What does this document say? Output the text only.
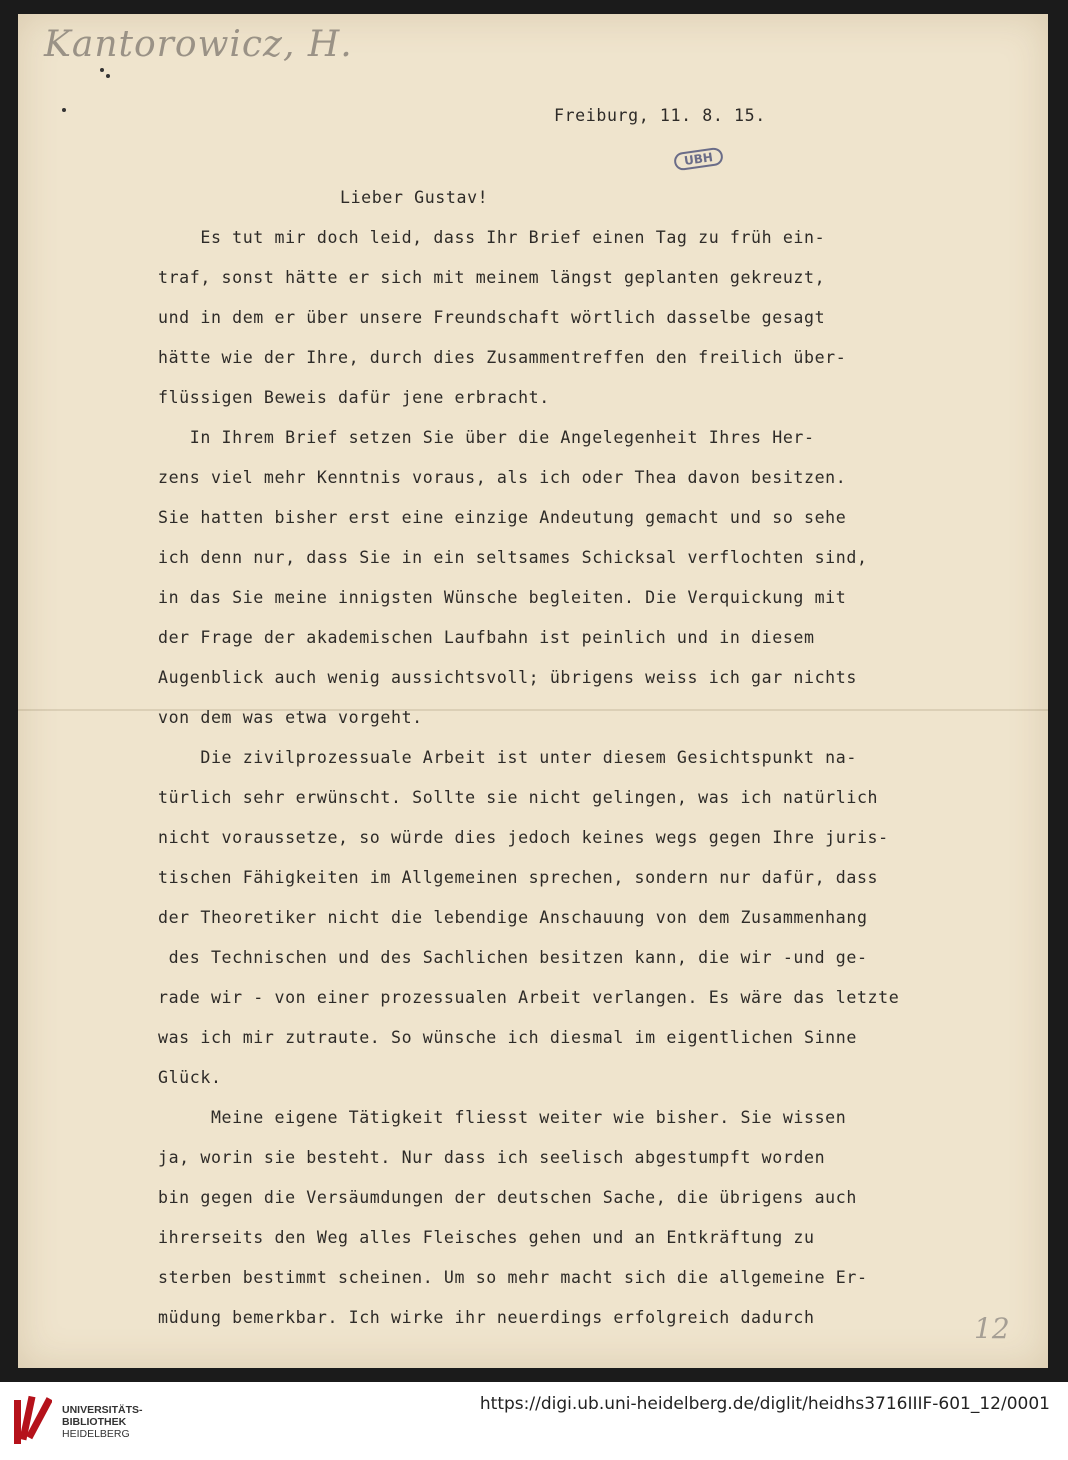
Kantorowicz, H.
Freiburg, 11. 8. 15.
UBH
Lieber Gustav!

Es tut mir doch leid, dass Ihr Brief einen Tag zu früh ein-

traf, sonst hätte er sich mit meinem längst geplanten gekreuzt,

und in dem er über unsere Freundschaft wörtlich dasselbe gesagt

hätte wie der Ihre, durch dies Zusammentreffen den freilich über-

flüssigen Beweis dafür jene erbracht.

In Ihrem Brief setzen Sie über die Angelegenheit Ihres Her-

zens viel mehr Kenntnis voraus, als ich oder Thea davon besitzen.

Sie hatten bisher erst eine einzige Andeutung gemacht und so sehe

ich denn nur, dass Sie in ein seltsames Schicksal verflochten sind,

in das Sie meine innigsten Wünsche begleiten. Die Verquickung mit

der Frage der akademischen Laufbahn ist peinlich und in diesem

Augenblick auch wenig aussichtsvoll; übrigens weiss ich gar nichts

von dem was etwa vorgeht.

Die zivilprozessuale Arbeit ist unter diesem Gesichtspunkt na-

türlich sehr erwünscht. Sollte sie nicht gelingen, was ich natürlich

nicht voraussetze, so würde dies jedoch keines wegs gegen Ihre juris-

tischen Fähigkeiten im Allgemeinen sprechen, sondern nur dafür, dass

der Theoretiker nicht die lebendige Anschauung von dem Zusammenhang

des Technischen und des Sachlichen besitzen kann, die wir -und ge-

rade wir - von einer prozessualen Arbeit verlangen. Es wäre das letzte

was ich mir zutraute. So wünsche ich diesmal im eigentlichen Sinne

Glück.

Meine eigene Tätigkeit fliesst weiter wie bisher. Sie wissen

ja, worin sie besteht. Nur dass ich seelisch abgestumpft worden

bin gegen die Versäumdungen der deutschen Sache, die übrigens auch

ihrerseits den Weg alles Fleisches gehen und an Entkräftung zu

sterben bestimmt scheinen. Um so mehr macht sich die allgemeine Er-

müdung bemerkbar. Ich wirke ihr neuerdings erfolgreich dadurch

	12
UNIVERSITÄTS-
BIBLIOTHEK
HEIDELBERG
https://digi.ub.uni-heidelberg.de/diglit/heidhs3716IIIF-601_12/0001
